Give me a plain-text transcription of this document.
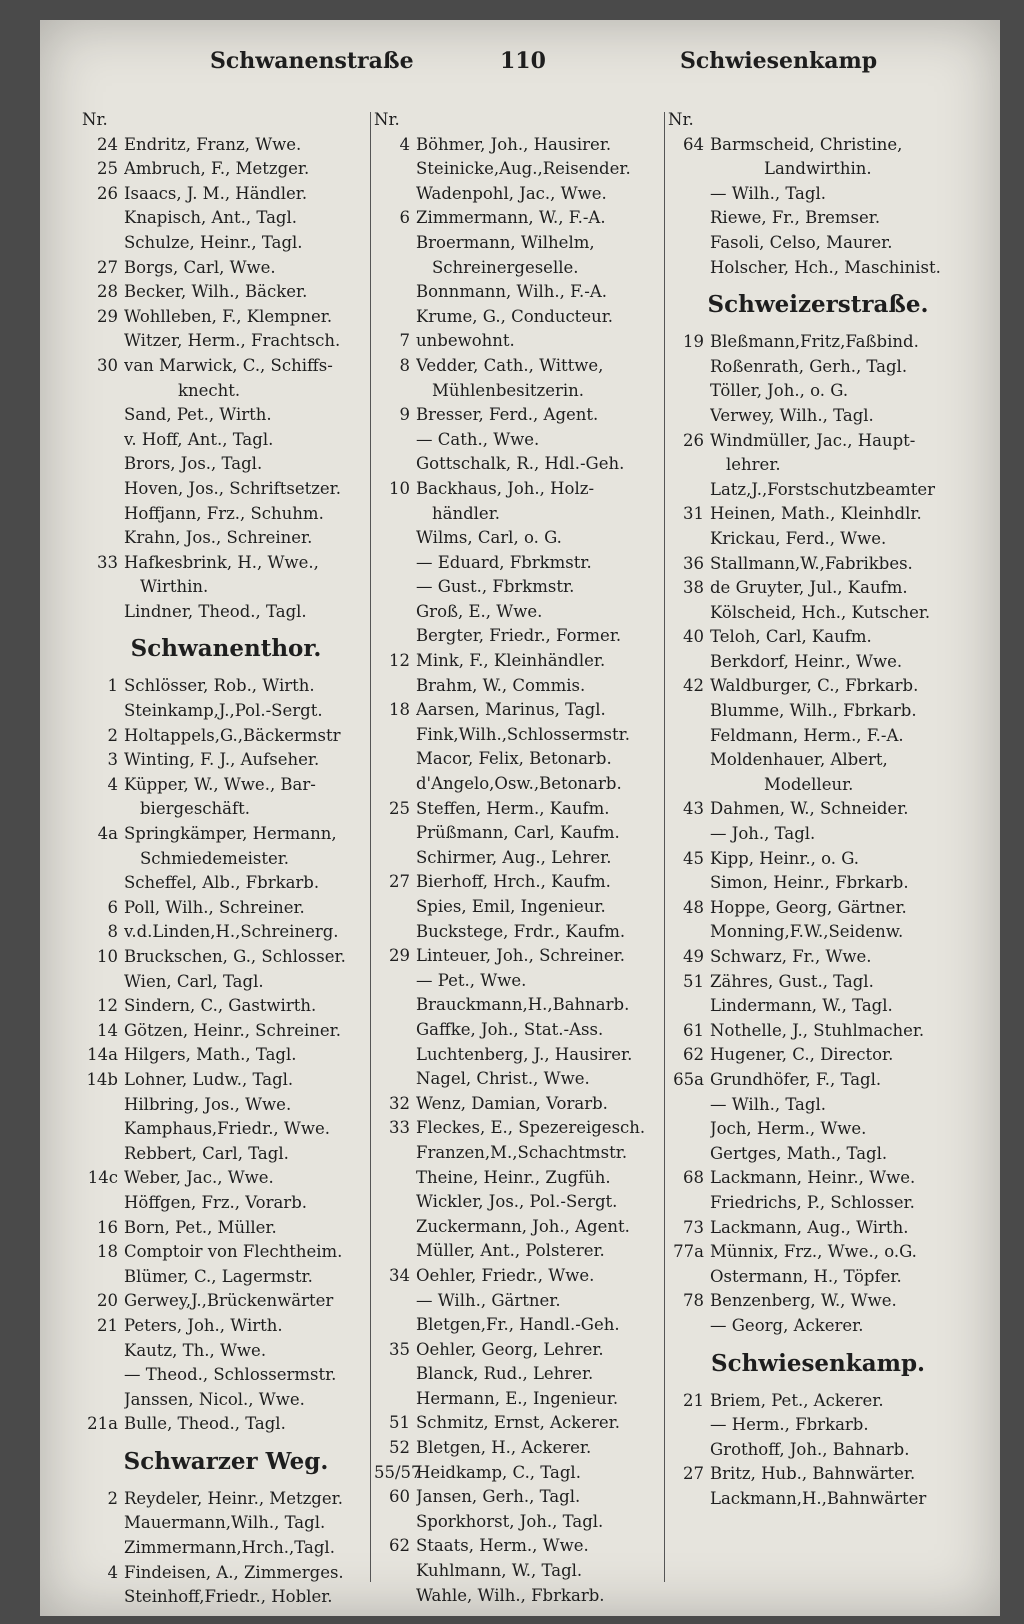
Schwanenstraße	110	Schwiesenkamp
Nr.
24 Endritz, Franz, Wwe.
25 Ambruch, F., Metzger.
26 Isaacs, J. M., Händler.
Knapisch, Ant., Tagl.
Schulze, Heinr., Tagl.
27 Borgs, Carl, Wwe.
28 Becker, Wilh., Bäcker.
29 Wohlleben, F., Klempner.
Witzer, Herm., Frachtsch.
30 van Marwick, C., Schiffs-
knecht.
Sand, Pet., Wirth.
v. Hoff, Ant., Tagl.
Brors, Jos., Tagl.
Hoven, Jos., Schriftsetzer.
Hoffjann, Frz., Schuhm.
Krahn, Jos., Schreiner.
33 Hafkesbrink, H., Wwe.,
Wirthin.
Lindner, Theod., Tagl.
Schwanenthor.
1 Schlösser, Rob., Wirth.
Steinkamp,J.,Pol.-Sergt.
2 Holtappels,G.,Bäckermstr
3 Winting, F. J., Aufseher.
4 Küpper, W., Wwe., Bar-
biergeschäft.
4a Springkämper, Hermann,
Schmiedemeister.
Scheffel, Alb., Fbrkarb.
6 Poll, Wilh., Schreiner.
8 v.d.Linden,H.,Schreinerg.
10 Bruckschen, G., Schlosser.
Wien, Carl, Tagl.
12 Sindern, C., Gastwirth.
14 Götzen, Heinr., Schreiner.
14a Hilgers, Math., Tagl.
14b Lohner, Ludw., Tagl.
Hilbring, Jos., Wwe.
Kamphaus,Friedr., Wwe.
Rebbert, Carl, Tagl.
14c Weber, Jac., Wwe.
Höffgen, Frz., Vorarb.
16 Born, Pet., Müller.
18 Comptoir von Flechtheim.
Blümer, C., Lagermstr.
20 Gerwey,J.,Brückenwärter
21 Peters, Joh., Wirth.
Kautz, Th., Wwe.
— Theod., Schlossermstr.
Janssen, Nicol., Wwe.
21a Bulle, Theod., Tagl.
Schwarzer Weg.
2 Reydeler, Heinr., Metzger.
Mauermann,Wilh., Tagl.
Zimmermann,Hrch.,Tagl.
4 Findeisen, A., Zimmerges.
Steinhoff,Friedr., Hobler.
Nr.
4 Böhmer, Joh., Hausirer.
Steinicke,Aug.,Reisender.
Wadenpohl, Jac., Wwe.
6 Zimmermann, W., F.-A.
Broermann, Wilhelm,
Schreinergeselle.
Bonnmann, Wilh., F.-A.
Krume, G., Conducteur.
7 unbewohnt.
8 Vedder, Cath., Wittwe,
Mühlenbesitzerin.
9 Bresser, Ferd., Agent.
— Cath., Wwe.
Gottschalk, R., Hdl.-Geh.
10 Backhaus, Joh., Holz-
händler.
Wilms, Carl, o. G.
— Eduard, Fbrkmstr.
— Gust., Fbrkmstr.
Groß, E., Wwe.
Bergter, Friedr., Former.
12 Mink, F., Kleinhändler.
Brahm, W., Commis.
18 Aarsen, Marinus, Tagl.
Fink,Wilh.,Schlossermstr.
Macor, Felix, Betonarb.
d'Angelo,Osw.,Betonarb.
25 Steffen, Herm., Kaufm.
Prüßmann, Carl, Kaufm.
Schirmer, Aug., Lehrer.
27 Bierhoff, Hrch., Kaufm.
Spies, Emil, Ingenieur.
Buckstege, Frdr., Kaufm.
29 Linteuer, Joh., Schreiner.
— Pet., Wwe.
Brauckmann,H.,Bahnarb.
Gaffke, Joh., Stat.-Ass.
Luchtenberg, J., Hausirer.
Nagel, Christ., Wwe.
32 Wenz, Damian, Vorarb.
33 Fleckes, E., Spezereigesch.
Franzen,M.,Schachtmstr.
Theine, Heinr., Zugfüh.
Wickler, Jos., Pol.-Sergt.
Zuckermann, Joh., Agent.
Müller, Ant., Polsterer.
34 Oehler, Friedr., Wwe.
— Wilh., Gärtner.
Bletgen,Fr., Handl.-Geh.
35 Oehler, Georg, Lehrer.
Blanck, Rud., Lehrer.
Hermann, E., Ingenieur.
51 Schmitz, Ernst, Ackerer.
52 Bletgen, H., Ackerer.
55/57
Heidkamp, C., Tagl.
60 Jansen, Gerh., Tagl.
Sporkhorst, Joh., Tagl.
62 Staats, Herm., Wwe.
Kuhlmann, W., Tagl.
Wahle, Wilh., Fbrkarb.
Nr.
64 Barmscheid, Christine,
Landwirthin.
— Wilh., Tagl.
Riewe, Fr., Bremser.
Fasoli, Celso, Maurer.
Holscher, Hch., Maschinist.
Schweizerstraße.
19 Bleßmann,Fritz,Faßbind.
Roßenrath, Gerh., Tagl.
Töller, Joh., o. G.
Verwey, Wilh., Tagl.
26 Windmüller, Jac., Haupt-
lehrer.
Latz,J.,Forstschutzbeamter
31 Heinen, Math., Kleinhdlr.
Krickau, Ferd., Wwe.
36 Stallmann,W.,Fabrikbes.
38 de Gruyter, Jul., Kaufm.
Kölscheid, Hch., Kutscher.
40 Teloh, Carl, Kaufm.
Berkdorf, Heinr., Wwe.
42 Waldburger, C., Fbrkarb.
Blumme, Wilh., Fbrkarb.
Feldmann, Herm., F.-A.
Moldenhauer, Albert,
Modelleur.
43 Dahmen, W., Schneider.
— Joh., Tagl.
45 Kipp, Heinr., o. G.
Simon, Heinr., Fbrkarb.
48 Hoppe, Georg, Gärtner.
Monning,F.W.,Seidenw.
49 Schwarz, Fr., Wwe.
51 Zähres, Gust., Tagl.
Lindermann, W., Tagl.
61 Nothelle, J., Stuhlmacher.
62 Hugener, C., Director.
65a Grundhöfer, F., Tagl.
— Wilh., Tagl.
Joch, Herm., Wwe.
Gertges, Math., Tagl.
68 Lackmann, Heinr., Wwe.
Friedrichs, P., Schlosser.
73 Lackmann, Aug., Wirth.
77a Münnix, Frz., Wwe., o.G.
Ostermann, H., Töpfer.
78 Benzenberg, W., Wwe.
— Georg, Ackerer.
Schwiesenkamp.
21 Briem, Pet., Ackerer.
— Herm., Fbrkarb.
Grothoff, Joh., Bahnarb.
27 Britz, Hub., Bahnwärter.
Lackmann,H.,Bahnwärter
